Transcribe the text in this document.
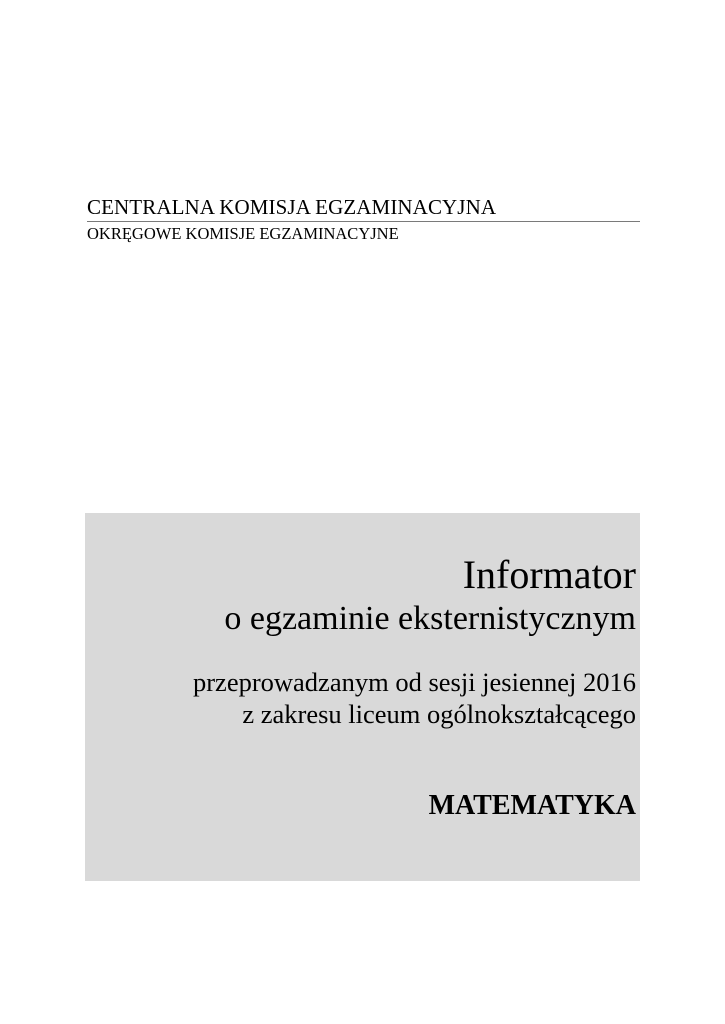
CENTRALNA KOMISJA EGZAMINACYJNA
OKRĘGOWE KOMISJE EGZAMINACYJNE
Informator
o egzaminie eksternistycznym
przeprowadzanym od sesji jesiennej 2016
z zakresu liceum ogólnokształcącego
MATEMATYKA
